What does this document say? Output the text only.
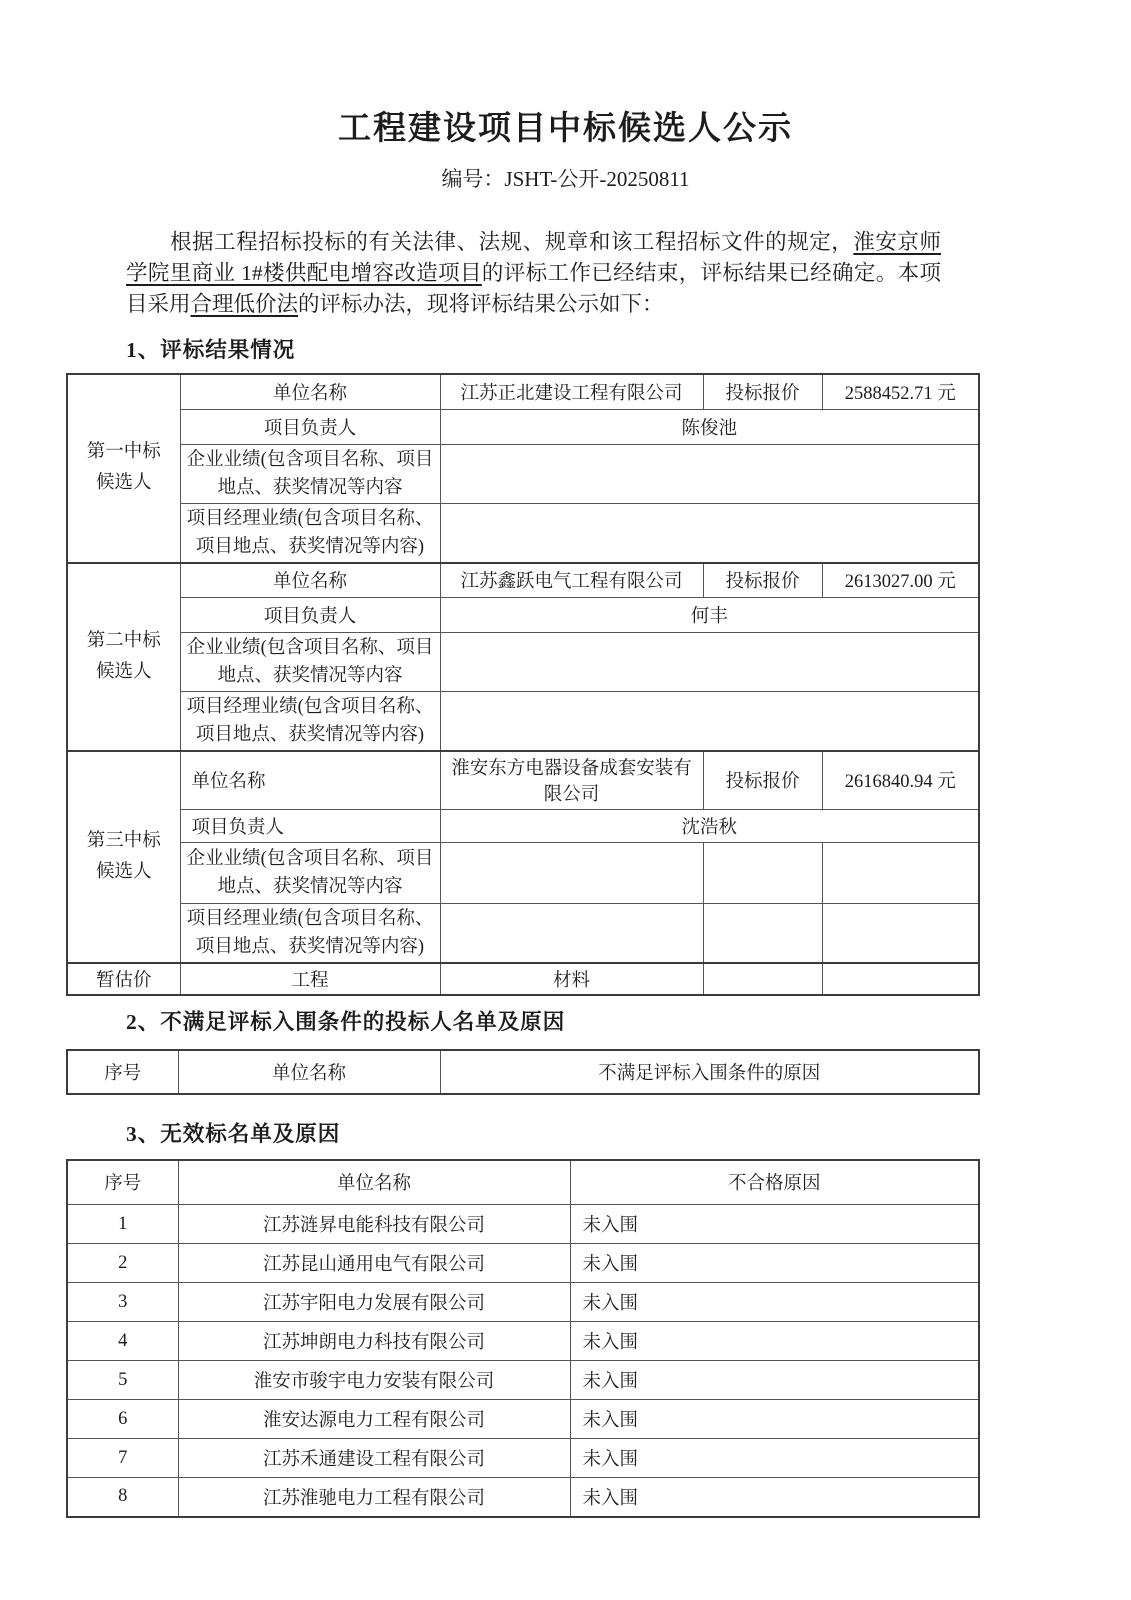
工程建设项目中标候选人公示
编号：JSHT-公开-20250811

根据工程招标投标的有关法律、法规、规章和该工程招标文件的规定，淮安京师学院里商业 1#楼供配电增容改造项目的评标工作已经结束，评标结果已经确定。本项目采用合理低价法的评标办法，现将评标结果公示如下：

1、评标结果情况
第一中标
候选人	单位名称	江苏正北建设工程有限公司	投标报价	2588452.71 元
	项目负责人	陈俊池		

	企业业绩(包含项目名称、项目
地点、获奖情况等内容			

	项目经理业绩(包含项目名称、
项目地点、获奖情况等内容)			

第二中标
候选人	单位名称	江苏鑫跃电气工程有限公司	投标报价	2613027.00 元
	项目负责人	何丰		

	企业业绩(包含项目名称、项目
地点、获奖情况等内容			

	项目经理业绩(包含项目名称、
项目地点、获奖情况等内容)			

第三中标
候选人	单位名称	淮安东方电器设备成套安装有限公司	投标报价	2616840.94 元
	项目负责人	沈浩秋		

	企业业绩(包含项目名称、项目
地点、获奖情况等内容			

	项目经理业绩(包含项目名称、
项目地点、获奖情况等内容)			

暂估价	工程	材料		
2、不满足评标入围条件的投标人名单及原因
序号	单位名称	不满足评标入围条件的原因
3、无效标名单及原因
序号	单位名称	不合格原因
1	江苏涟昇电能科技有限公司	未入围
2	江苏昆山通用电气有限公司	未入围
3	江苏宇阳电力发展有限公司	未入围
4	江苏坤朗电力科技有限公司	未入围
5	淮安市骏宇电力安装有限公司	未入围
6	淮安达源电力工程有限公司	未入围
7	江苏禾通建设工程有限公司	未入围
8	江苏淮驰电力工程有限公司	未入围
